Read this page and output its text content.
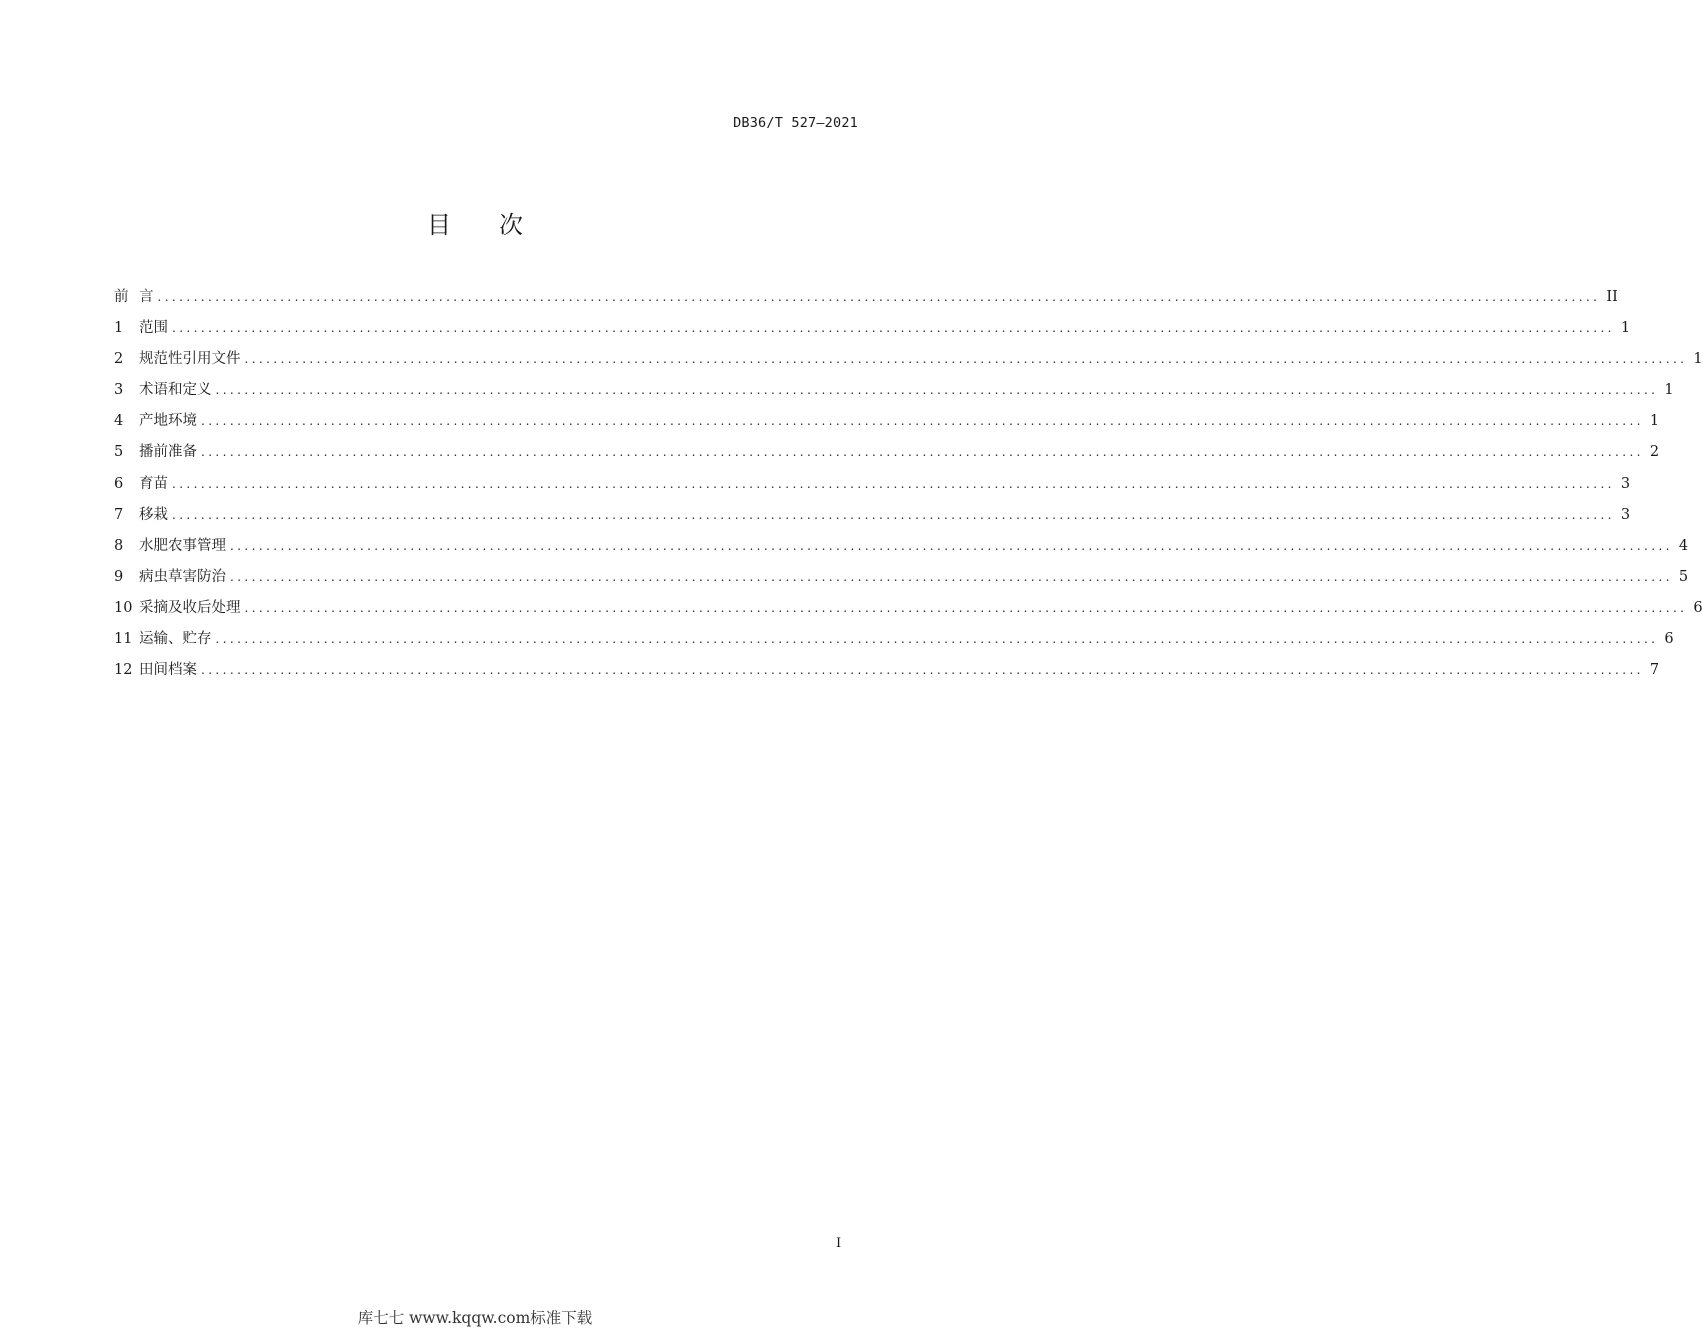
DB36/T 527—2021
目 次
前 言 ........................................................................................................................................................................................................ II
1	范围 ........................................................................................................................................................................................................ 1
2	规范性引用文件 ........................................................................................................................................................................................................ 1
3	术语和定义 ........................................................................................................................................................................................................ 1
4	产地环境 ........................................................................................................................................................................................................ 1
5	播前准备 ........................................................................................................................................................................................................ 2
6	育苗 ........................................................................................................................................................................................................ 3
7	移栽 ........................................................................................................................................................................................................ 3
8	水肥农事管理 ........................................................................................................................................................................................................ 4
9	病虫草害防治 ........................................................................................................................................................................................................ 5
10 采摘及收后处理 ........................................................................................................................................................................................................ 6
11 运输、贮存 ........................................................................................................................................................................................................ 6
12 田间档案 ........................................................................................................................................................................................................ 7
I
库七七 www.kqqw.com标准下载
